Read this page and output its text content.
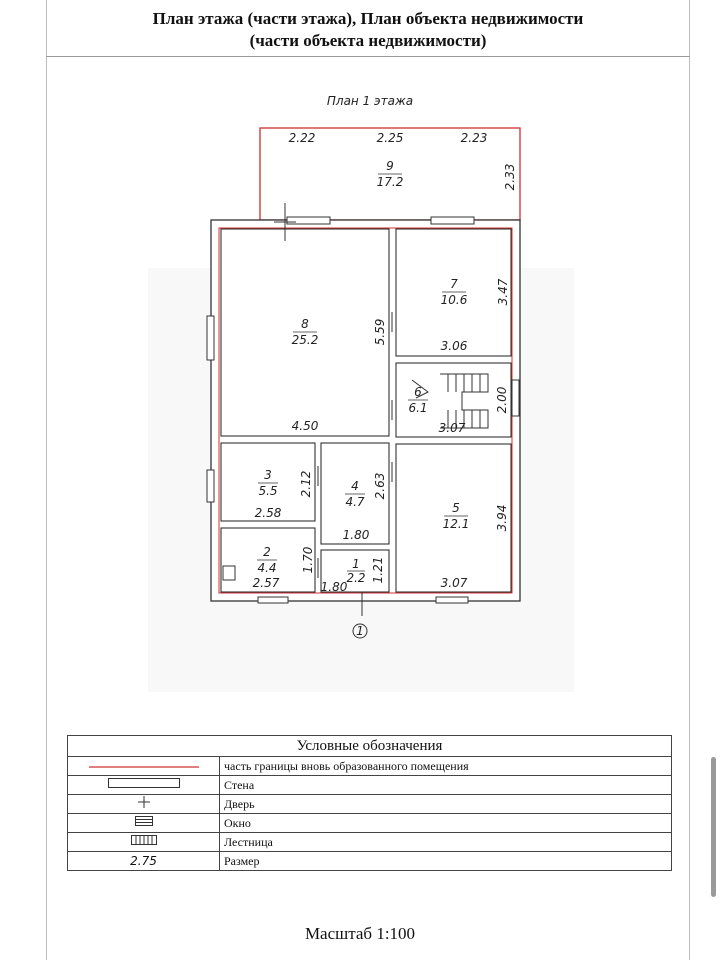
План этажа (части этажа), План объекта недвижимости
(части объекта недвижимости)
План 1 этажа
1
9
17.2
8
25.2
7
10.6
6
6.1
5
12.1
4
4.7
3
5.5
2
4.4	1
2.2
2.22	2.25	2.23
2.33
5.59
4.50
3.47
3.06
2.00
3.07
2.12
2.58
2.63
1.80
3.94
3.07
1.70
2.57	1.21
1.80
Условные обозначения	
	часть границы вновь образованного помещения
	Стена
	Дверь
	Окно
	Лестница
2.75	Размер
Масштаб 1:100
